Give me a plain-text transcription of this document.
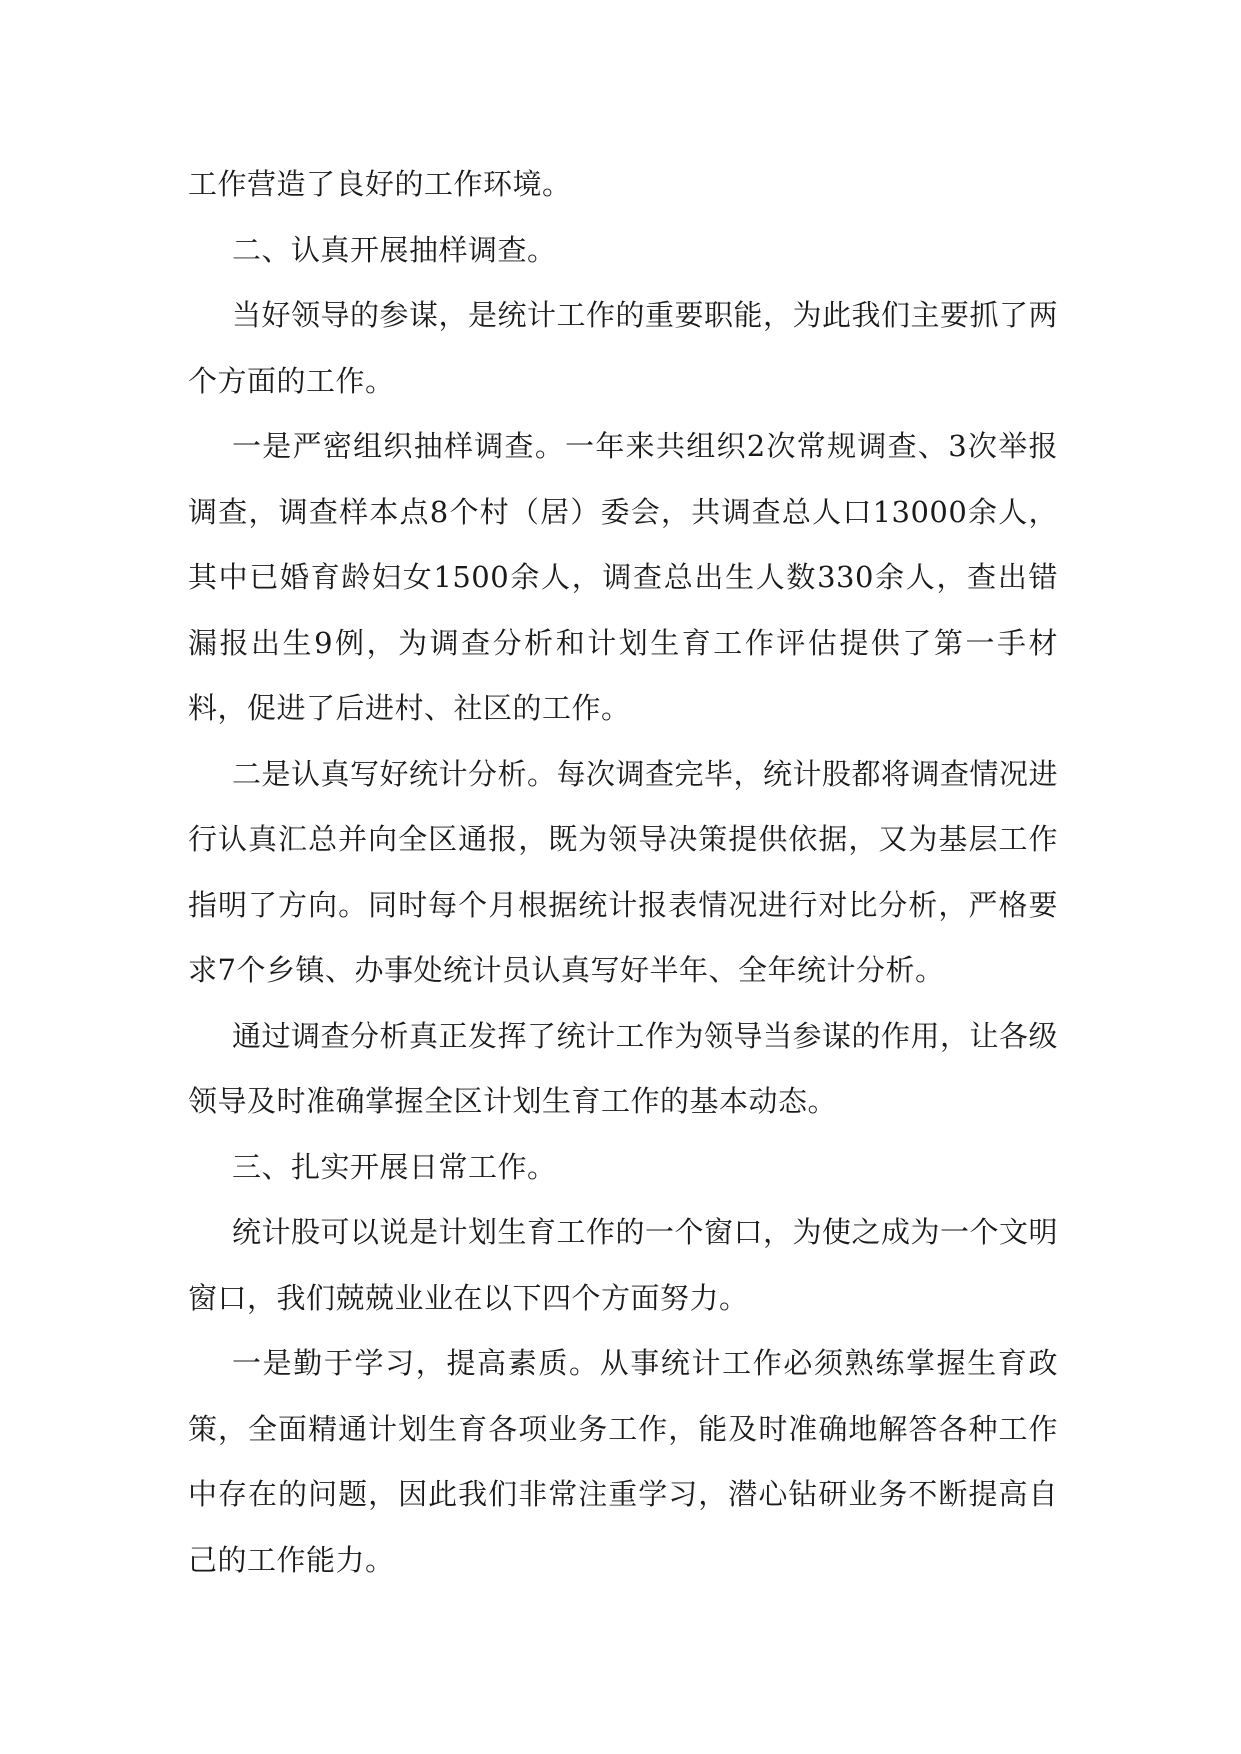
工作营造了良好的工作环境。

二、认真开展抽样调查。

当好领导的参谋，是统计工作的重要职能，为此我们主要抓了两个方面的工作。

一是严密组织抽样调查。一年来共组织2次常规调查、3次举报调查，调查样本点8个村（居）委会，共调查总人口13000余人，其中已婚育龄妇女1500余人，调查总出生人数330余人，查出错漏报出生9例，为调查分析和计划生育工作评估提供了第一手材料，促进了后进村、社区的工作。

二是认真写好统计分析。每次调查完毕，统计股都将调查情况进行认真汇总并向全区通报，既为领导决策提供依据，又为基层工作指明了方向。同时每个月根据统计报表情况进行对比分析，严格要求7个乡镇、办事处统计员认真写好半年、全年统计分析。

通过调查分析真正发挥了统计工作为领导当参谋的作用，让各级领导及时准确掌握全区计划生育工作的基本动态。

三、扎实开展日常工作。

统计股可以说是计划生育工作的一个窗口，为使之成为一个文明窗口，我们兢兢业业在以下四个方面努力。

一是勤于学习，提高素质。从事统计工作必须熟练掌握生育政策，全面精通计划生育各项业务工作，能及时准确地解答各种工作中存在的问题，因此我们非常注重学习，潜心钻研业务不断提高自己的工作能力。
